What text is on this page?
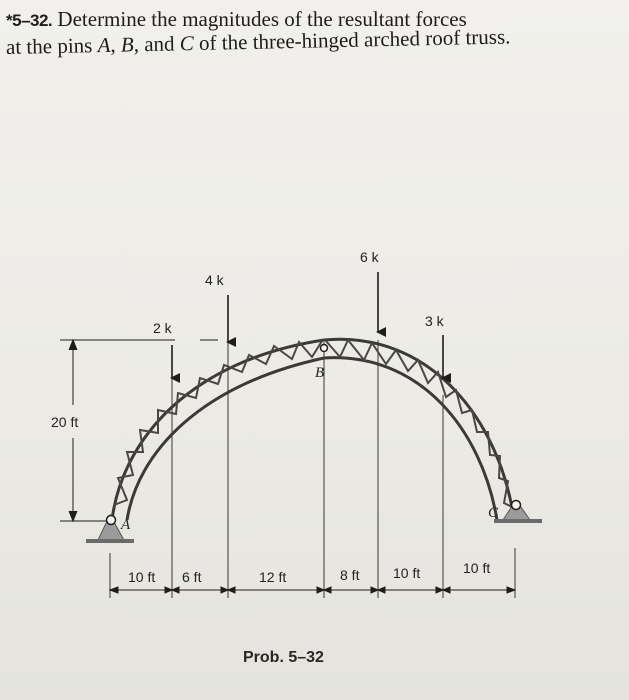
*5–32. Determine the magnitudes of the resultant forces
at the pins A, B, and C of the three-hinged arched roof truss.
20 ft
A
B
C
2 k
4 k
6 k
3 k
10 ft 6 ft	12 ft	8 ft 10 ft	10 ft
Prob. 5–32
